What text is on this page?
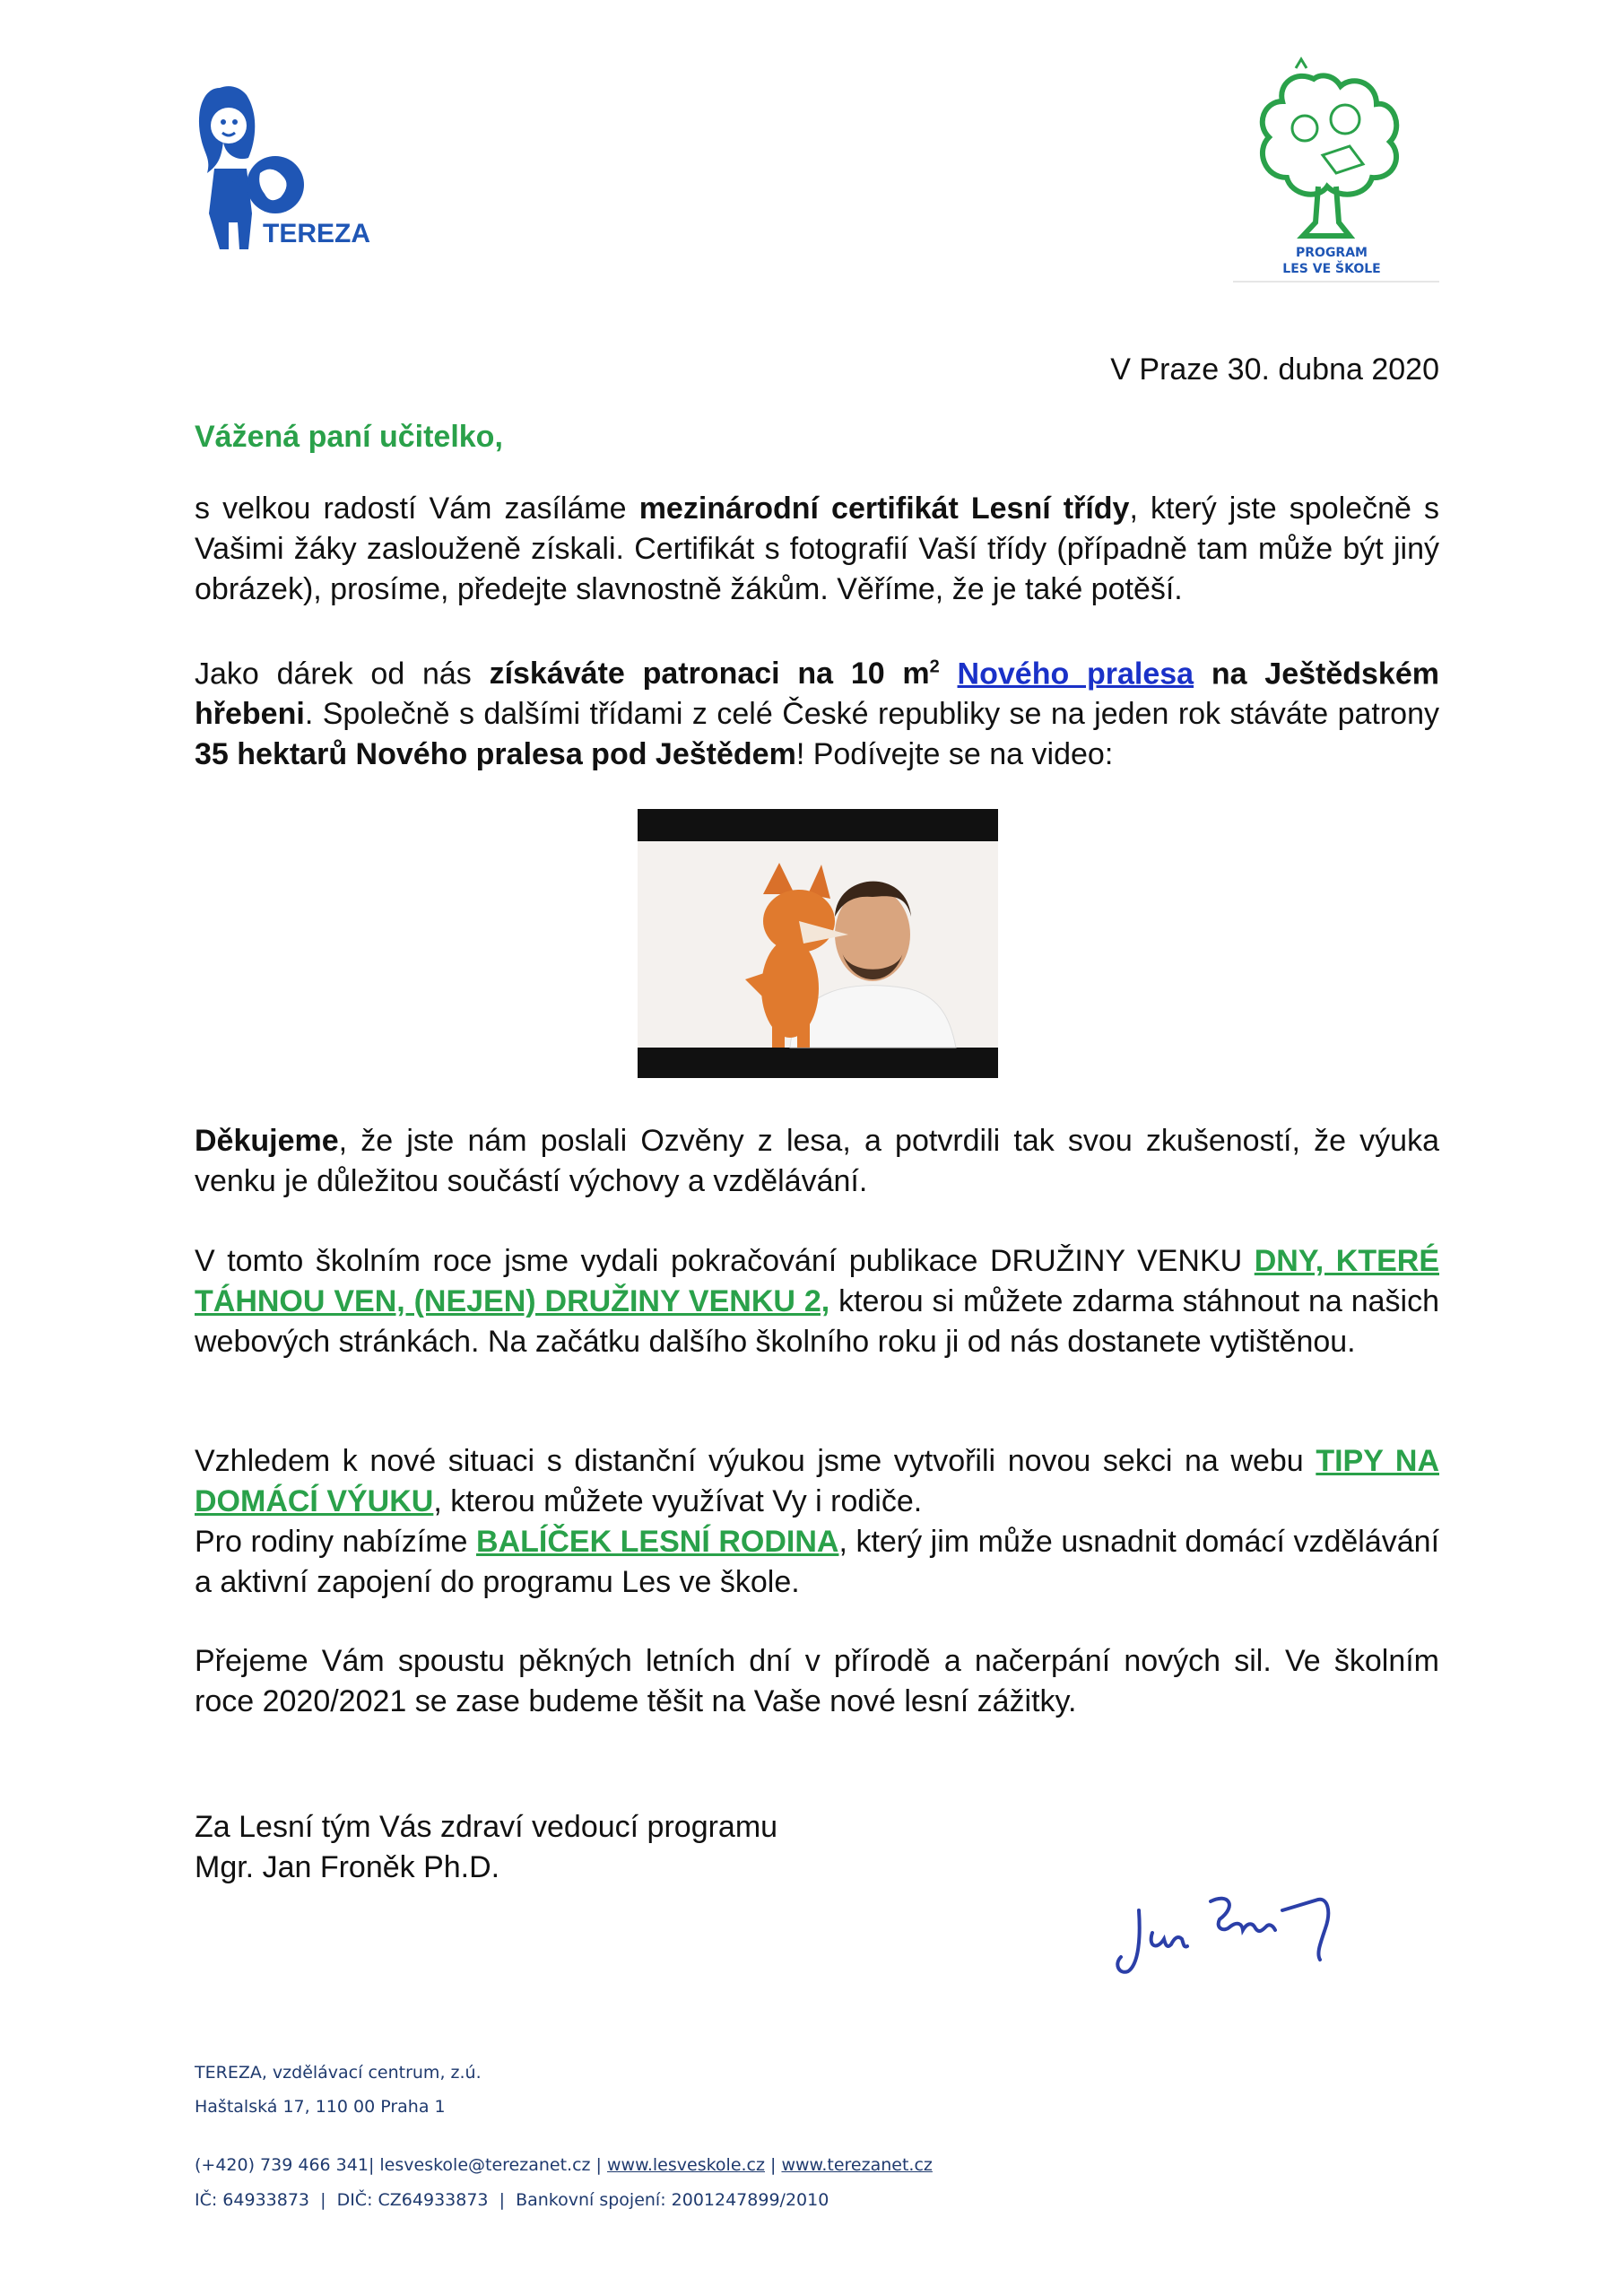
TEREZA
PROGRAM
LES VE ŠKOLE
V Praze 30. dubna 2020
Vážená paní učitelko,
s velkou radostí Vám zasíláme mezinárodní certifikát Lesní třídy, který jste společně s Vašimi žáky zaslouženě získali. Certifikát s fotografií Vaší třídy (případně tam může být jiný obrázek), prosíme, předejte slavnostně žákům. Věříme, že je také potěší.
Jako dárek od nás získáváte patronaci na 10 $m^2$ Nového pralesa na Ještědském hřebeni. Společně s dalšími třídami z celé České republiky se na jeden rok stáváte patrony 35 hektarů Nového pralesa pod Ještědem! Podívejte se na video:
Děkujeme, že jste nám poslali Ozvěny z lesa, a potvrdili tak svou zkušeností, že výuka venku je důležitou součástí výchovy a vzdělávání.
V tomto školním roce jsme vydali pokračování publikace DRUŽINY VENKU DNY, KTERÉ TÁHNOU VEN, (NEJEN) DRUŽINY VENKU 2, kterou si můžete zdarma stáhnout na našich webových stránkách. Na začátku dalšího školního roku ji od nás dostanete vytištěnou.
Vzhledem k nové situaci s distanční výukou jsme vytvořili novou sekci na webu TIPY NA DOMÁCÍ VÝUKU, kterou můžete využívat Vy i rodiče.
Pro rodiny nabízíme BALÍČEK LESNÍ RODINA, který jim může usnadnit domácí vzdělávání a aktivní zapojení do programu Les ve škole.
Přejeme Vám spoustu pěkných letních dní v přírodě a načerpání nových sil. Ve školním roce 2020/2021 se zase budeme těšit na Vaše nové lesní zážitky.
Za Lesní tým Vás zdraví vedoucí programu
Mgr. Jan Froněk Ph.D.
TEREZA, vzdělávací centrum, z.ú.
Haštalská 17, 110 00 Praha 1
(+420) 739 466 341| lesveskole@terezanet.cz | www.lesveskole.cz | www.terezanet.cz
IČ: 64933873  |  DIČ: CZ64933873  |  Bankovní spojení: 2001247899/2010
